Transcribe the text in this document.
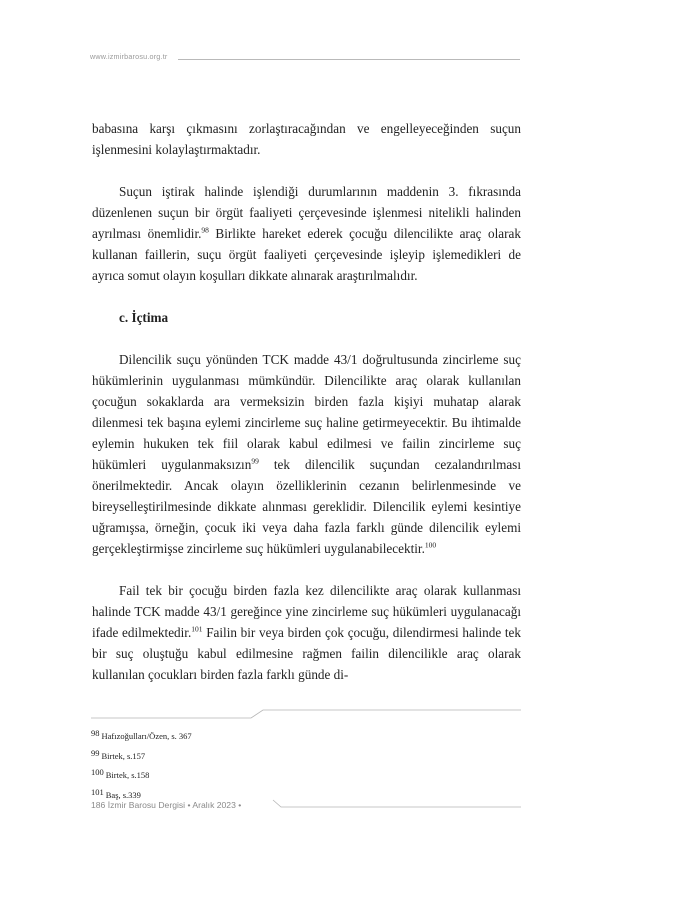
www.izmirbarosu.org.tr

babasına karşı çıkmasını zorlaştıracağından ve engelleyeceğinden suçun işlenmesini kolaylaştırmaktadır.

Suçun iştirak halinde işlendiği durumlarının maddenin 3. fıkrasında düzenlenen suçun bir örgüt faaliyeti çerçevesinde işlenmesi nitelikli halinden ayrılması önemlidir.$^{98}$ Birlikte hareket ederek çocuğu dilencilikte araç olarak kullanan faillerin, suçu örgüt faaliyeti çerçevesinde işleyip işlemedikleri de ayrıca somut olayın koşulları dikkate alınarak araştırılmalıdır.

c. İçtima

Dilencilik suçu yönünden TCK madde 43/1 doğrultusunda zincirleme suç hükümlerinin uygulanması mümkündür. Dilencilikte araç olarak kullanılan çocuğun sokaklarda ara vermeksizin birden fazla kişiyi muhatap alarak dilenmesi tek başına eylemi zincirleme suç haline getirmeyecektir. Bu ihtimalde eylemin hukuken tek fiil olarak kabul edilmesi ve failin zincirleme suç hükümleri uygulanmaksızın$^{99}$ tek dilencilik suçundan cezalandırılması önerilmektedir. Ancak olayın özelliklerinin cezanın belirlenmesinde ve bireyselleştirilmesinde dikkate alınması gereklidir. Dilencilik eylemi kesintiye uğramışsa, örneğin, çocuk iki veya daha fazla farklı günde dilencilik eylemi gerçekleştirmişse zincirleme suç hükümleri uygulanabilecektir.$^{100}$

Fail tek bir çocuğu birden fazla kez dilencilikte araç olarak kullanması halinde TCK madde 43/1 gereğince yine zincirleme suç hükümleri uygulanacağı ifade edilmektedir.$^{101}$ Failin bir veya birden çok çocuğu, dilendirmesi halinde tek bir suç oluştuğu kabul edilmesine rağmen failin dilencilikle araç olarak kullanılan çocukları birden fazla farklı günde di-

98 Hafızoğulları/Özen, s. 367
99 Birtek, s.157
100 Birtek, s.158
101 Baş, s.339
186 İzmir Barosu Dergisi • Aralık 2023 •
